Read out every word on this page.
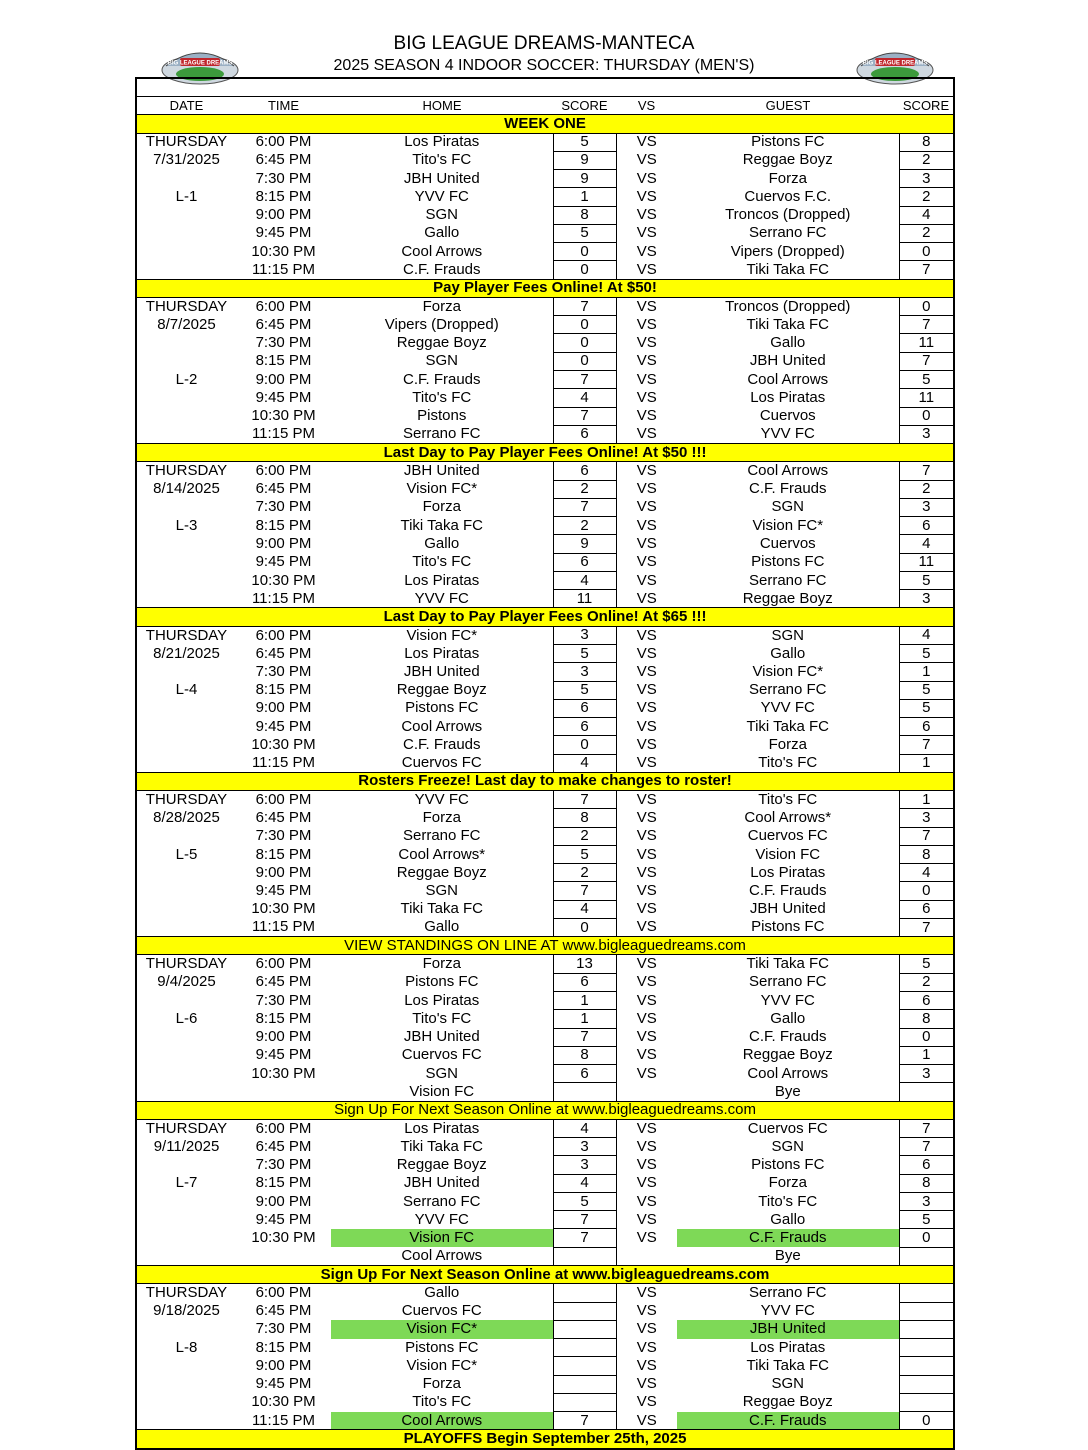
BIG LEAGUE DREAMS	BIG LEAGUE DREAMS
BIG LEAGUE DREAMS-MANTECA
2025 SEASON 4 INDOOR SOCCER: THURSDAY (MEN'S)

DATE	TIME	HOME	SCORE	VS	GUEST	SCORE
WEEK ONE						
THURSDAY	6:00 PM	Los Piratas	5	VS	Pistons FC	8
7/31/2025	6:45 PM	Tito's FC	9	VS	Reggae Boyz	2
	7:30 PM	JBH United	9	VS	Forza	3
L-1	8:15 PM	YVV FC	1	VS	Cuervos F.C.	2
	9:00 PM	SGN	8	VS	Troncos (Dropped)	4
	9:45 PM	Gallo	5	VS	Serrano FC	2
	10:30 PM	Cool Arrows	0	VS	Vipers (Dropped)	0
	11:15 PM	C.F. Frauds	0	VS	Tiki Taka FC	7
Pay Player Fees Online! At $50!						
THURSDAY	6:00 PM	Forza	7	VS	Troncos (Dropped)	0
8/7/2025	6:45 PM	Vipers (Dropped)	0	VS	Tiki Taka FC	7
	7:30 PM	Reggae Boyz	0	VS	Gallo	11
	8:15 PM	SGN	0	VS	JBH United	7
L-2	9:00 PM	C.F. Frauds	7	VS	Cool Arrows	5
	9:45 PM	Tito's FC	4	VS	Los Piratas	11
	10:30 PM	Pistons	7	VS	Cuervos	0
	11:15 PM	Serrano FC	6	VS	YVV FC	3
Last Day to Pay Player Fees Online! At $50 !!!						
THURSDAY	6:00 PM	JBH United	6	VS	Cool Arrows	7
8/14/2025	6:45 PM	Vision FC*	2	VS	C.F. Frauds	2
	7:30 PM	Forza	7	VS	SGN	3
L-3	8:15 PM	Tiki Taka FC	2	VS	Vision FC*	6
	9:00 PM	Gallo	9	VS	Cuervos	4
	9:45 PM	Tito's FC	6	VS	Pistons FC	11
	10:30 PM	Los Piratas	4	VS	Serrano FC	5
	11:15 PM	YVV FC	11	VS	Reggae Boyz	3
Last Day to Pay Player Fees Online! At $65 !!!						
THURSDAY	6:00 PM	Vision FC*	3	VS	SGN	4
8/21/2025	6:45 PM	Los Piratas	5	VS	Gallo	5
	7:30 PM	JBH United	3	VS	Vision FC*	1
L-4	8:15 PM	Reggae Boyz	5	VS	Serrano FC	5
	9:00 PM	Pistons FC	6	VS	YVV FC	5
	9:45 PM	Cool Arrows	6	VS	Tiki Taka FC	6
	10:30 PM	C.F. Frauds	0	VS	Forza	7
	11:15 PM	Cuervos FC	4	VS	Tito's FC	1
Rosters Freeze! Last day to make changes to roster!						
THURSDAY	6:00 PM	YVV FC	7	VS	Tito's FC	1
8/28/2025	6:45 PM	Forza	8	VS	Cool Arrows*	3
	7:30 PM	Serrano FC	2	VS	Cuervos FC	7
L-5	8:15 PM	Cool Arrows*	5	VS	Vision FC	8
	9:00 PM	Reggae Boyz	2	VS	Los Piratas	4
	9:45 PM	SGN	7	VS	C.F. Frauds	0
	10:30 PM	Tiki Taka FC	4	VS	JBH United	6
	11:15 PM	Gallo	0	VS	Pistons FC	7
VIEW STANDINGS ON LINE AT www.bigleaguedreams.com						
THURSDAY	6:00 PM	Forza	13	VS	Tiki Taka FC	5
9/4/2025	6:45 PM	Pistons FC	6	VS	Serrano FC	2
	7:30 PM	Los Piratas	1	VS	YVV FC	6
L-6	8:15 PM	Tito's FC	1	VS	Gallo	8
	9:00 PM	JBH United	7	VS	C.F. Frauds	0
	9:45 PM	Cuervos FC	8	VS	Reggae Boyz	1
	10:30 PM	SGN	6	VS	Cool Arrows	3
		Vision FC			Bye	
Sign Up For Next Season Online at www.bigleaguedreams.com						
THURSDAY	6:00 PM	Los Piratas	4	VS	Cuervos FC	7
9/11/2025	6:45 PM	Tiki Taka FC	3	VS	SGN	7
	7:30 PM	Reggae Boyz	3	VS	Pistons FC	6
L-7	8:15 PM	JBH United	4	VS	Forza	8
	9:00 PM	Serrano FC	5	VS	Tito's FC	3
	9:45 PM	YVV FC	7	VS	Gallo	5
	10:30 PM	Vision FC	7	VS	C.F. Frauds	0
		Cool Arrows			Bye	
Sign Up For Next Season Online at www.bigleaguedreams.com						
THURSDAY	6:00 PM	Gallo		VS	Serrano FC	
9/18/2025	6:45 PM	Cuervos FC		VS	YVV FC	
	7:30 PM	Vision FC*		VS	JBH United	
L-8	8:15 PM	Pistons FC		VS	Los Piratas	
	9:00 PM	Vision FC*		VS	Tiki Taka FC	
	9:45 PM	Forza		VS	SGN	
	10:30 PM	Tito's FC		VS	Reggae Boyz	
	11:15 PM	Cool Arrows	7	VS	C.F. Frauds	0
PLAYOFFS Begin September 25th, 2025						
